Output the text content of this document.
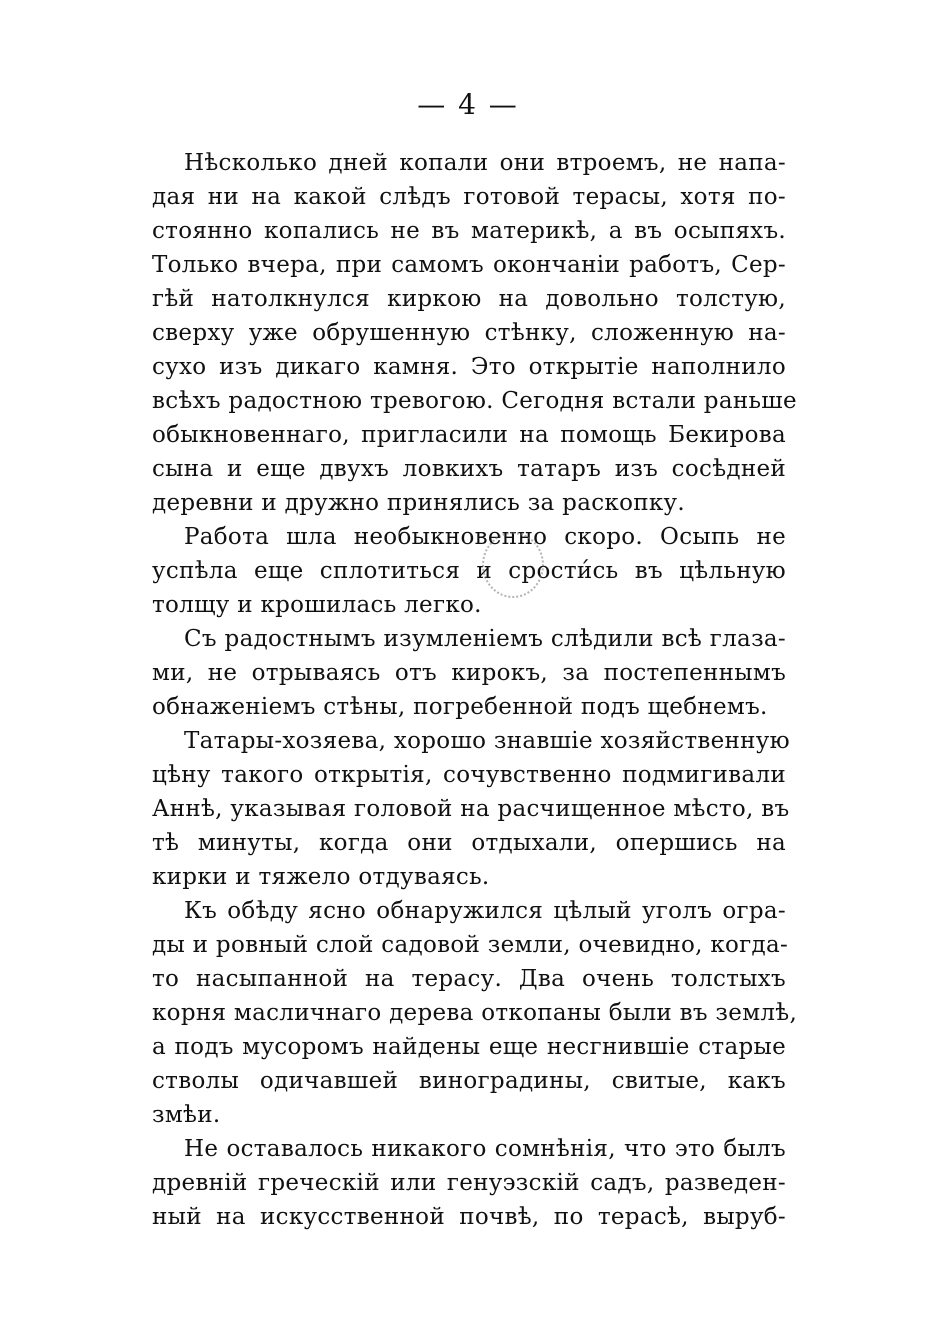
— 4 —
Нѣсколько дней копали они втроемъ, не напа-
дая ни на какой слѣдъ готовой терасы, хотя по-
стоянно копались не въ материкѣ, а въ осыпяхъ.
Только вчера, при самомъ окончаніи работъ, Сер-
гѣй натолкнулся киркою на довольно толстую,
сверху уже обрушенную стѣнку, сложенную на-
сухо изъ дикаго камня. Это открытіе наполнило
всѣхъ радостною тревогою. Сегодня встали раньше
обыкновеннаго, пригласили на помощь Бекирова
сына и еще двухъ ловкихъ татаръ изъ сосѣдней
деревни и дружно принялись за раскопку.
Работа шла необыкновенно скоро. Осыпь не
успѣла еще сплотиться и срости́сь въ цѣльную
толщу и крошилась легко.
Съ радостнымъ изумленіемъ слѣдили всѣ глаза-
ми, не отрываясь отъ кирокъ, за постепеннымъ
обнаженіемъ стѣны, погребенной подъ щебнемъ.
Татары-хозяева, хорошо знавшіе хозяйственную
цѣну такого открытія, сочувственно подмигивали
Аннѣ, указывая головой на расчищенное мѣсто, въ
тѣ минуты, когда они отдыхали, опершись на
кирки и тяжело отдуваясь.
Къ обѣду ясно обнаружился цѣлый уголъ огра-
ды и ровный слой садовой земли, очевидно, когда-
то насыпанной на терасу. Два очень толстыхъ
корня масличнаго дерева откопаны были въ землѣ,
а подъ мусоромъ найдены еще несгнившіе старые
стволы одичавшей виноградины, свитые, какъ
змѣи.
Не оставалось никакого сомнѣнія, что это былъ
древній греческій или генуэзскій садъ, разведен-
ный на искусственной почвѣ, по терасѣ, выруб-
